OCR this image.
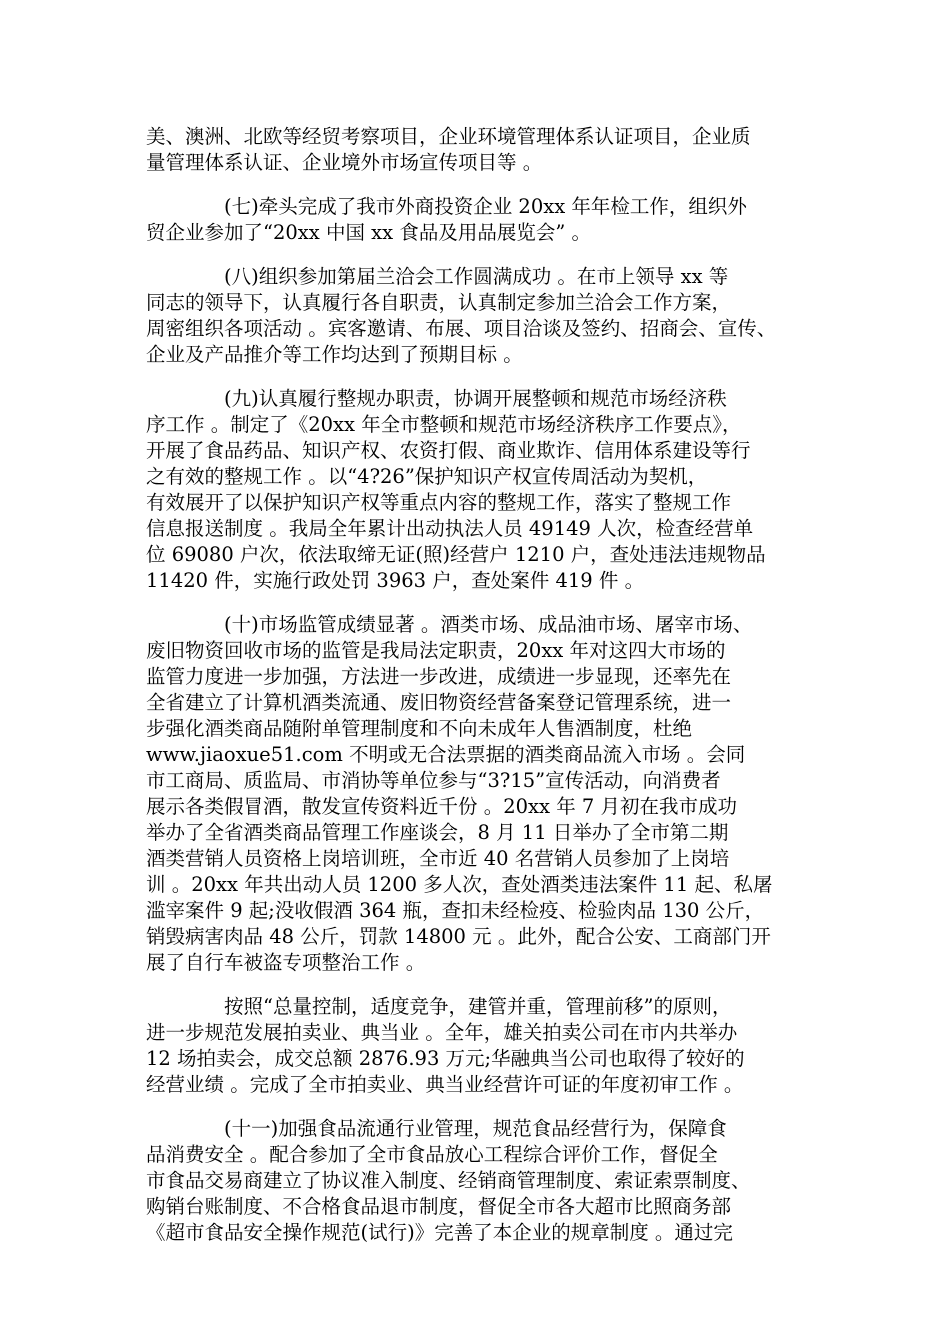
美、澳洲、北欧等经贸考察项目，企业环境管理体系认证项目，企业质
量管理体系认证、企业境外市场宣传项目等 。
(七)牵头完成了我市外商投资企业 20xx 年年检工作，组织外
贸企业参加了“20xx 中国 xx 食品及用品展览会” 。
(八)组织参加第届兰洽会工作圆满成功 。在市上领导 xx 等
同志的领导下，认真履行各自职责，认真制定参加兰洽会工作方案，
周密组织各项活动 。宾客邀请、布展、项目洽谈及签约、招商会、宣传、
企业及产品推介等工作均达到了预期目标 。
(九)认真履行整规办职责，协调开展整顿和规范市场经济秩
序工作 。制定了《20xx 年全市整顿和规范市场经济秩序工作要点》，
开展了食品药品、知识产权、农资打假、商业欺诈、信用体系建设等行
之有效的整规工作 。以“4?26”保护知识产权宣传周活动为契机，
有效展开了以保护知识产权等重点内容的整规工作，落实了整规工作
信息报送制度 。我局全年累计出动执法人员 49149 人次，检查经营单
位 69080 户次，依法取缔无证(照)经营户 1210 户，查处违法违规物品
11420 件，实施行政处罚 3963 户，查处案件 419 件 。
(十)市场监管成绩显著 。酒类市场、成品油市场、屠宰市场、
废旧物资回收市场的监管是我局法定职责，20xx 年对这四大市场的
监管力度进一步加强，方法进一步改进，成绩进一步显现，还率先在
全省建立了计算机酒类流通、废旧物资经营备案登记管理系统，进一
步强化酒类商品随附单管理制度和不向未成年人售酒制度，杜绝
www.jiaoxue51.com 不明或无合法票据的酒类商品流入市场 。会同
市工商局、质监局、市消协等单位参与“3?15”宣传活动，向消费者
展示各类假冒酒，散发宣传资料近千份 。20xx 年 7 月初在我市成功
举办了全省酒类商品管理工作座谈会，8 月 11 日举办了全市第二期
酒类营销人员资格上岗培训班，全市近 40 名营销人员参加了上岗培
训 。20xx 年共出动人员 1200 多人次，查处酒类违法案件 11 起、私屠
滥宰案件 9 起;没收假酒 364 瓶，查扣未经检疫、检验肉品 130 公斤，
销毁病害肉品 48 公斤，罚款 14800 元 。此外，配合公安、工商部门开
展了自行车被盗专项整治工作 。
按照“总量控制，适度竞争，建管并重，管理前移”的原则，
进一步规范发展拍卖业、典当业 。全年，雄关拍卖公司在市内共举办
12 场拍卖会，成交总额 2876.93 万元;华融典当公司也取得了较好的
经营业绩 。完成了全市拍卖业、典当业经营许可证的年度初审工作 。
(十一)加强食品流通行业管理，规范食品经营行为，保障食
品消费安全 。配合参加了全市食品放心工程综合评价工作，督促全
市食品交易商建立了协议准入制度、经销商管理制度、索证索票制度、
购销台账制度、不合格食品退市制度，督促全市各大超市比照商务部
《超市食品安全操作规范(试行)》完善了本企业的规章制度 。通过完
